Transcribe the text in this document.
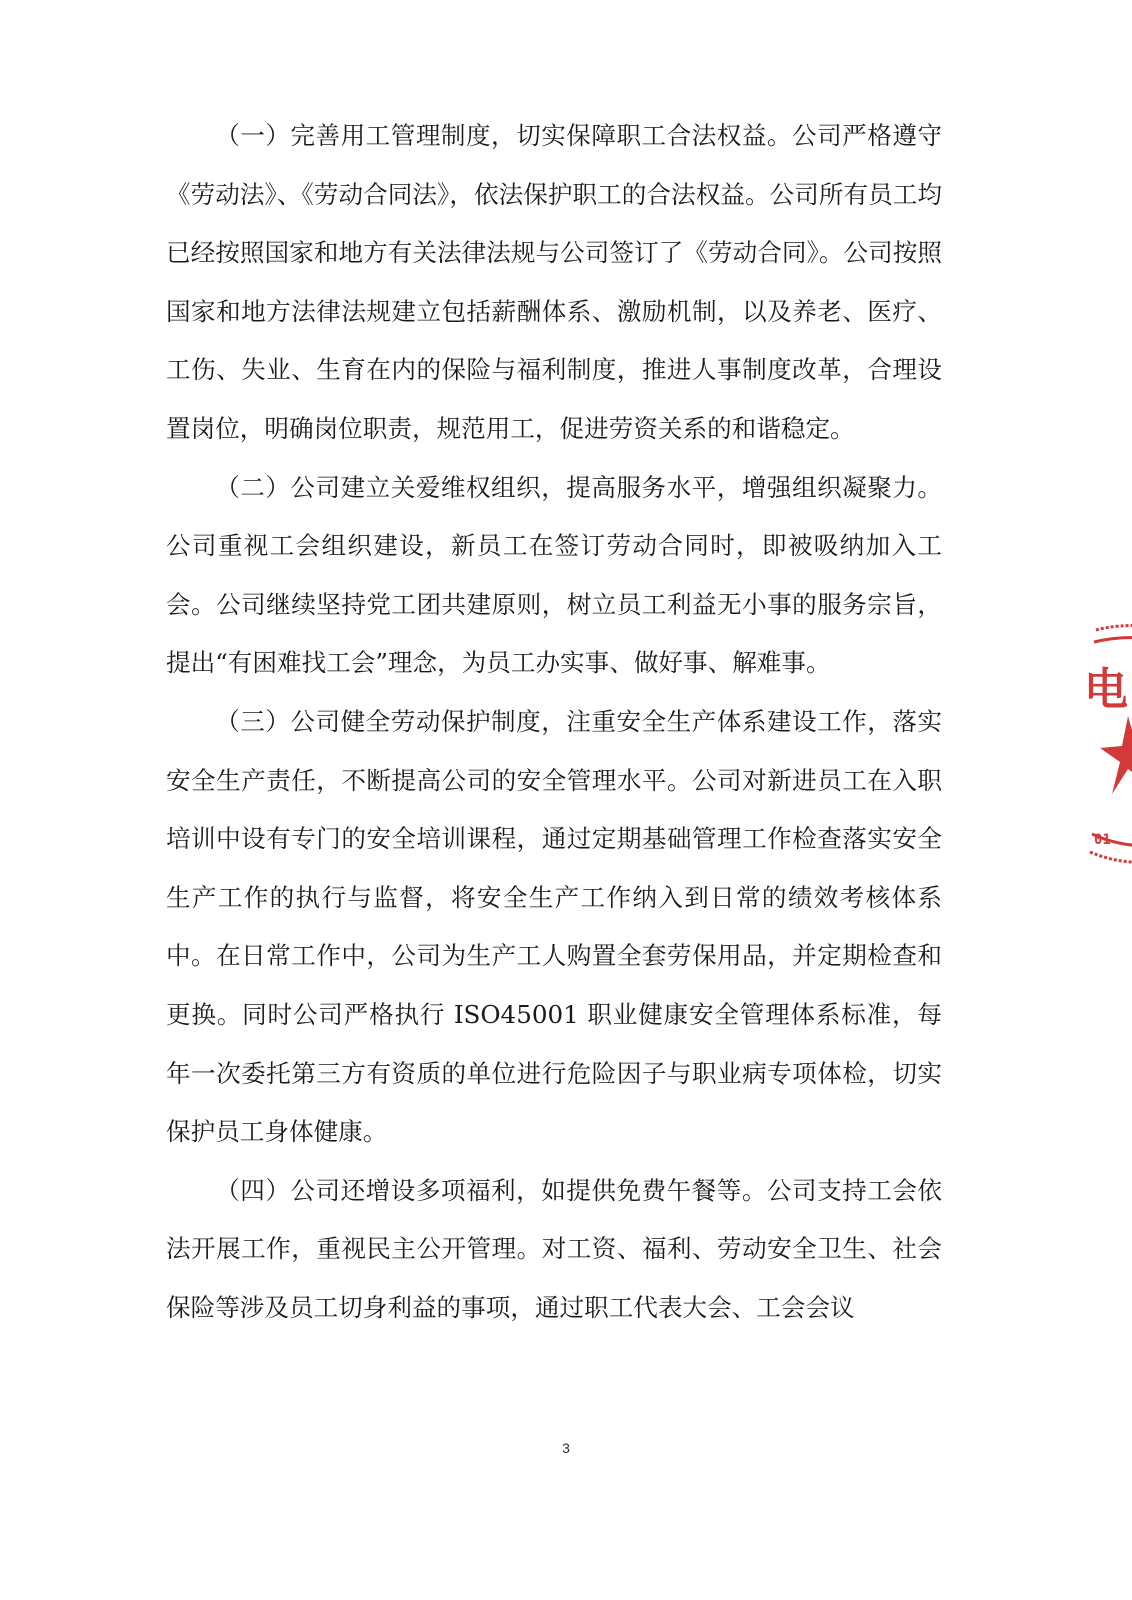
（一）完善用工管理制度，切实保障职工合法权益。公司严格遵守《劳动法》、《劳动合同法》，依法保护职工的合法权益。公司所有员工均已经按照国家和地方有关法律法规与公司签订了《劳动合同》。公司按照国家和地方法律法规建立包括薪酬体系、激励机制，以及养老、医疗、工伤、失业、生育在内的保险与福利制度，推进人事制度改革，合理设置岗位，明确岗位职责，规范用工，促进劳资关系的和谐稳定。

（二）公司建立关爱维权组织，提高服务水平，增强组织凝聚力。公司重视工会组织建设，新员工在签订劳动合同时，即被吸纳加入工会。公司继续坚持党工团共建原则，树立员工利益无小事的服务宗旨，提出“有困难找工会”理念，为员工办实事、做好事、解难事。

（三）公司健全劳动保护制度，注重安全生产体系建设工作，落实安全生产责任，不断提高公司的安全管理水平。公司对新进员工在入职培训中设有专门的安全培训课程，通过定期基础管理工作检查落实安全生产工作的执行与监督，将安全生产工作纳入到日常的绩效考核体系中。在日常工作中，公司为生产工人购置全套劳保用品，并定期检查和更换。同时公司严格执行 ISO45001 职业健康安全管理体系标准，每年一次委托第三方有资质的单位进行危险因子与职业病专项体检，切实保护员工身体健康。

（四）公司还增设多项福利，如提供免费午餐等。公司支持工会依法开展工作，重视民主公开管理。对工资、福利、劳动安全卫生、社会保险等涉及员工切身利益的事项，通过职工代表大会、工会会议

3
电
01
